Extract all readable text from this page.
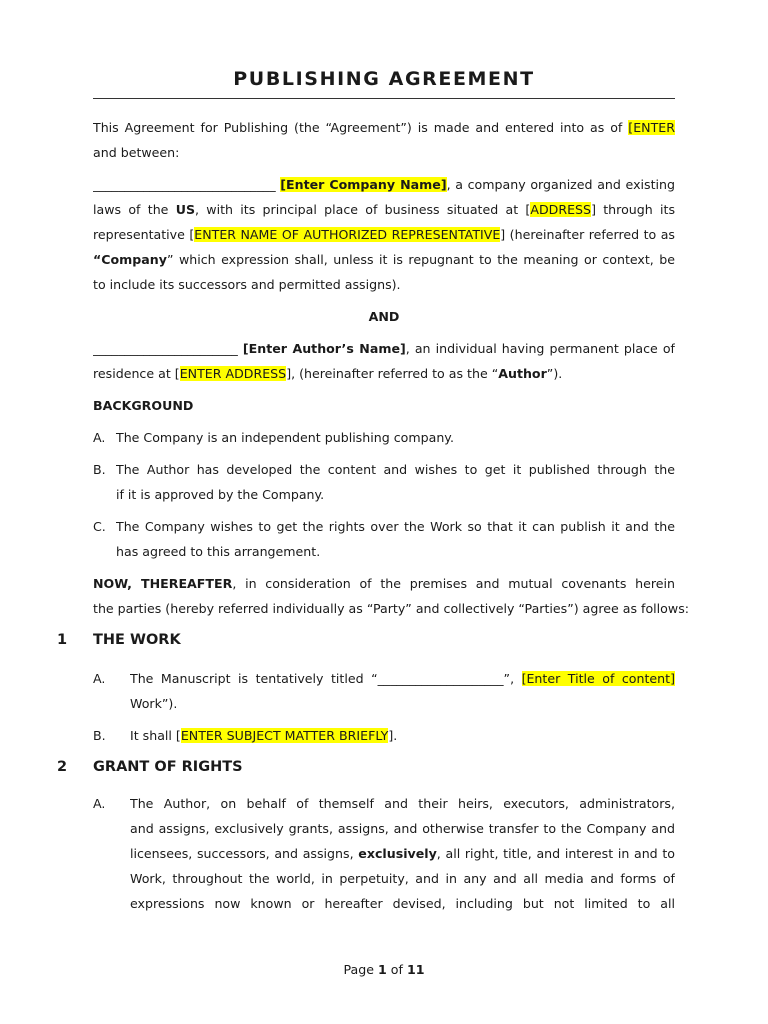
PUBLISHING AGREEMENT
This Agreement for Publishing (the “Agreement”) is made and entered into as of [ENTER
and between:
_____________________________ [Enter Company Name], a company organized and existing
laws of the US, with its principal place of business situated at [ADDRESS] through its
representative [ENTER NAME OF AUTHORIZED REPRESENTATIVE] (hereinafter referred to as
“Company” which expression shall, unless it is repugnant to the meaning or context, be
to include its successors and permitted assigns).
AND
_______________________ [Enter Author’s Name], an individual having permanent place of
residence at [ENTER ADDRESS], (hereinafter referred to as the “Author”).
BACKGROUND
A. The Company is an independent publishing company.
B. The Author has developed the content and wishes to get it published through the
if it is approved by the Company.
C. The Company wishes to get the rights over the Work so that it can publish it and the
has agreed to this arrangement.
NOW, THEREAFTER, in consideration of the premises and mutual covenants herein
the parties (hereby referred individually as “Party” and collectively “Parties”) agree as follows:
1 THE WORK
A. The Manuscript is tentatively titled “____________________”, [Enter Title of content]
Work”).
B. It shall [ENTER SUBJECT MATTER BRIEFLY].
2 GRANT OF RIGHTS
A. The Author, on behalf of themself and their heirs, executors, administrators,
and assigns, exclusively grants, assigns, and otherwise transfer to the Company and
licensees, successors, and assigns, exclusively, all right, title, and interest in and to
Work, throughout the world, in perpetuity, and in any and all media and forms of
expressions now known or hereafter devised, including but not limited to all
Page 1 of 11
